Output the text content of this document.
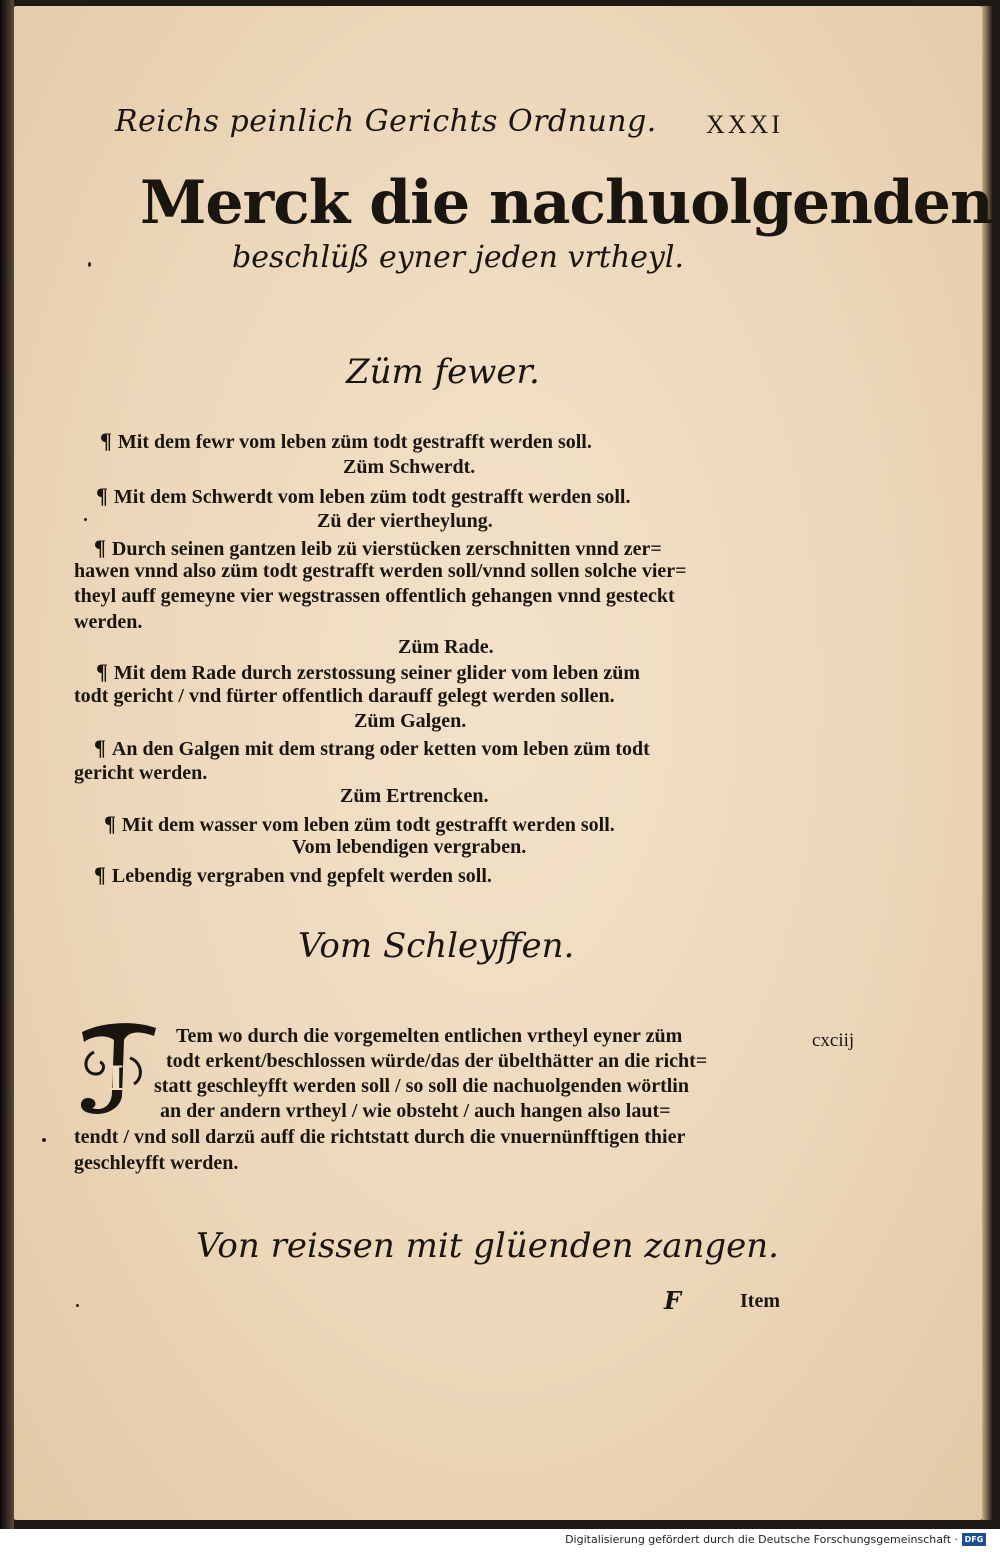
Reichs peinlich Gerichts Ordnung. XXXI
Merck die nachuolgenden
beschlüß eyner jeden vrtheyl.
Züm fewer.
¶ Mit dem fewr vom leben züm todt gestrafft werden soll.
Züm Schwerdt.
¶ Mit dem Schwerdt vom leben züm todt gestrafft werden soll.
Zü der viertheylung.
¶ Durch seinen gantzen leib zü vierstücken zerschnitten vnnd zer=
hawen vnnd also züm todt gestrafft werden soll/vnnd sollen solche vier=
theyl auff gemeyne vier wegstrassen offentlich gehangen vnnd gesteckt
werden.
Züm Rade.
¶ Mit dem Rade durch zerstossung seiner glider vom leben züm
todt gericht / vnd fürter offentlich darauff gelegt werden sollen.
Züm Galgen.
¶ An den Galgen mit dem strang oder ketten vom leben züm todt
gericht werden.
Züm Ertrencken.
¶ Mit dem wasser vom leben züm todt gestrafft werden soll.
Vom lebendigen vergraben.
¶ Lebendig vergraben vnd gepfelt werden soll.
Vom Schleyffen.
I
Tem wo durch die vorgemelten entlichen vrtheyl eyner züm	cxciij
todt erkent/beschlossen würde/das der übelthätter an die richt=
statt geschleyfft werden soll / so soll die nachuolgenden wörtlin
an der andern vrtheyl / wie obsteht / auch hangen also laut=
tendt / vnd soll darzü auff die richtstatt durch die vnuernünfftigen thier
geschleyfft werden.
Von reissen mit glüenden zangen.
F	Item
Digitalisierung gefördert durch die Deutsche Forschungsgemeinschaft · DFG
